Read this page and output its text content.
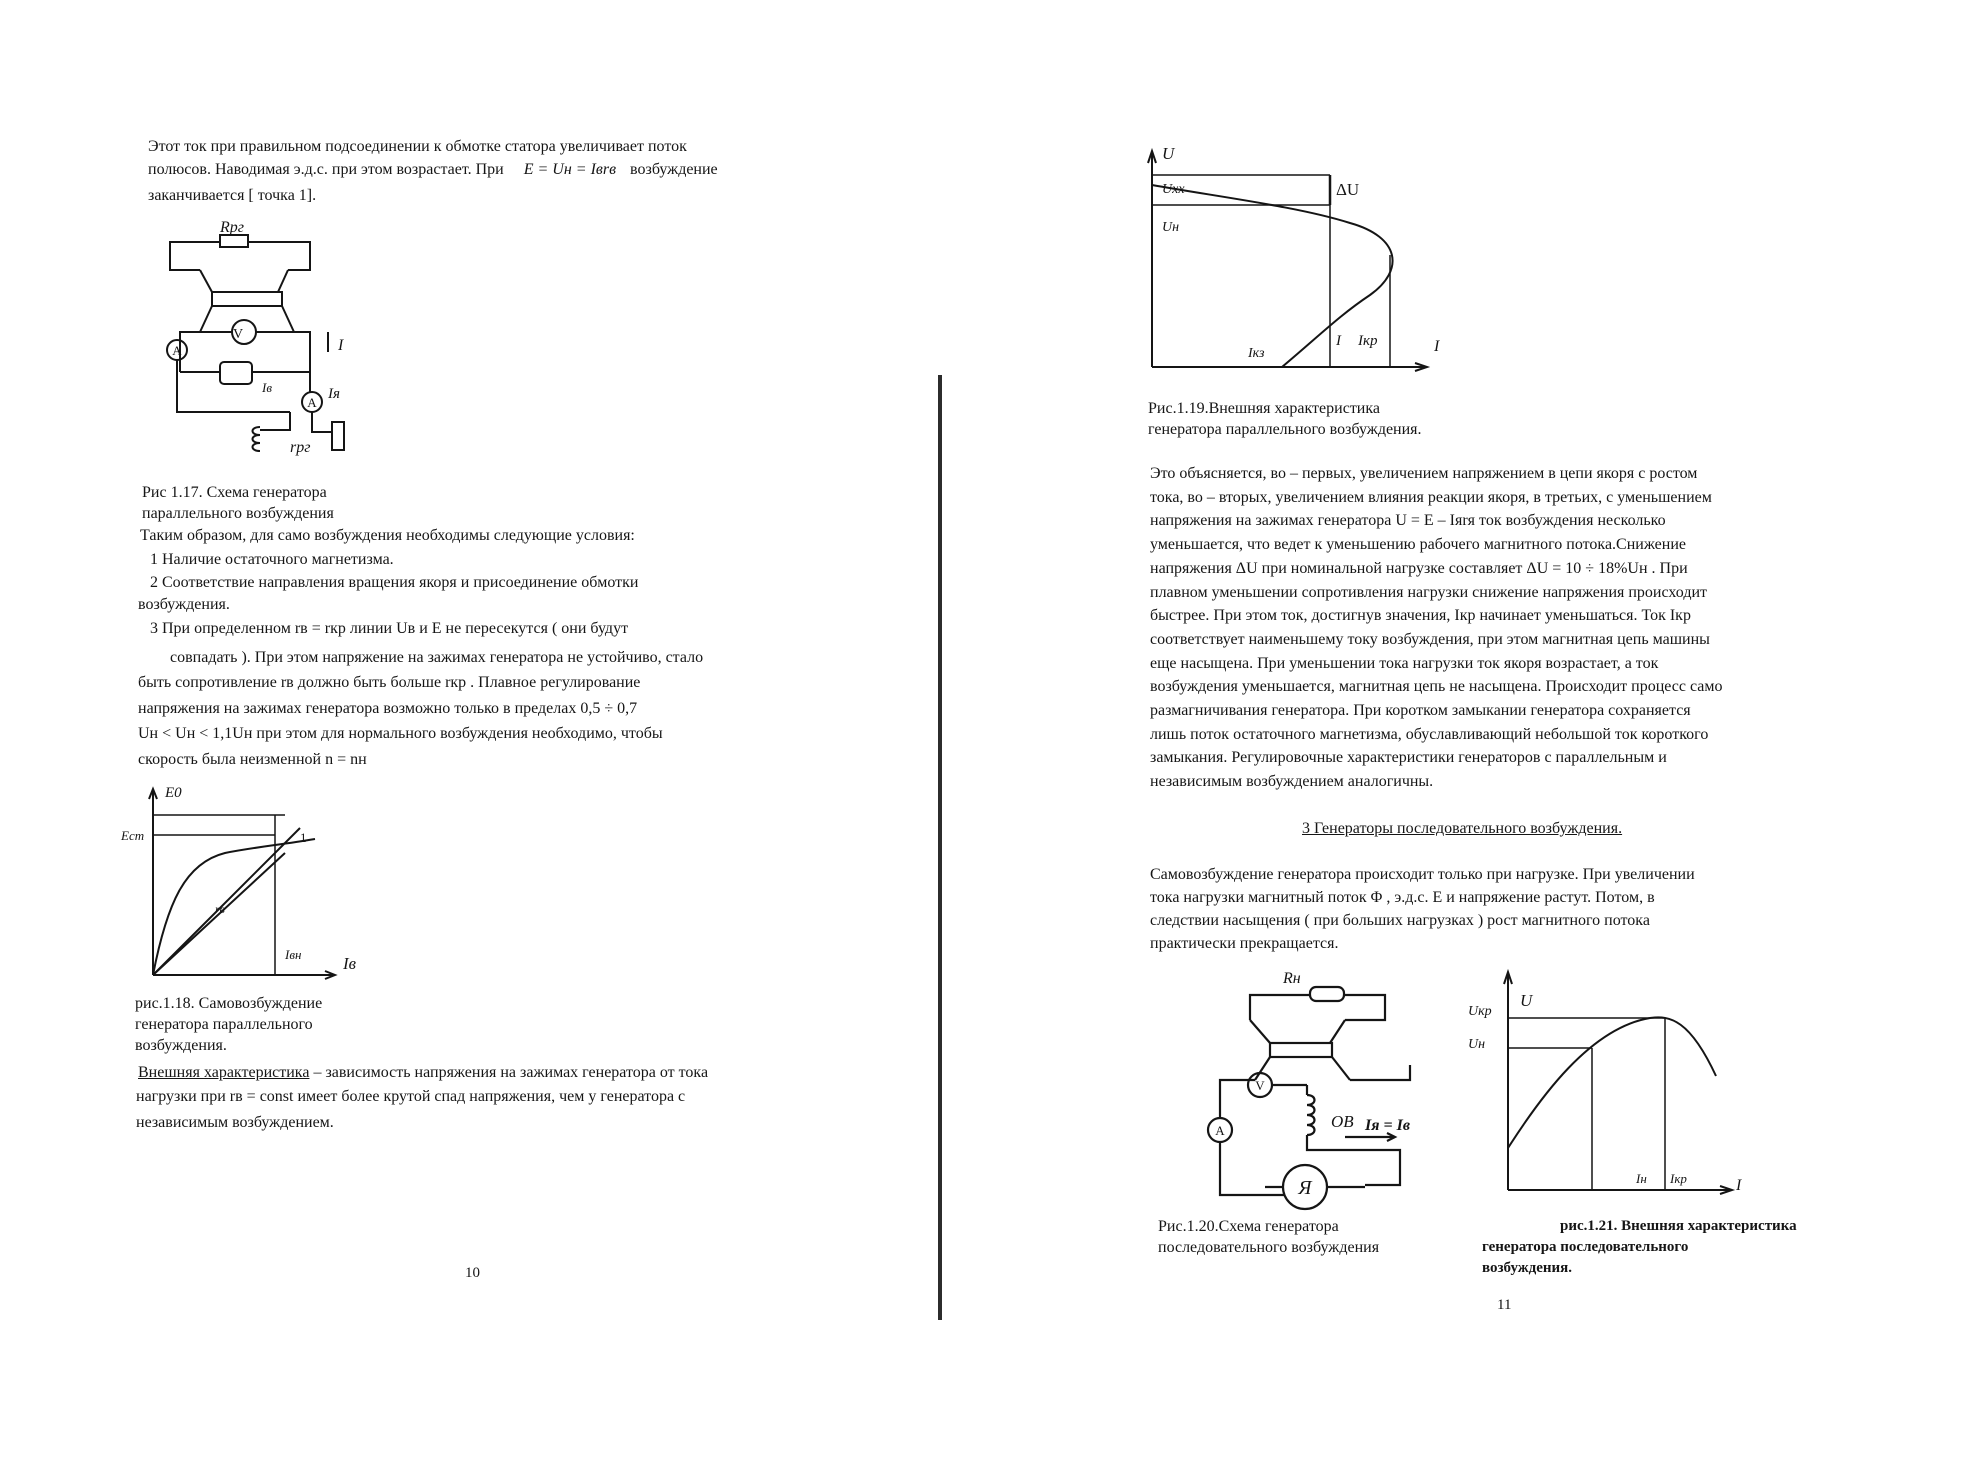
Этот ток при правильном подсоединении к обмотке статора увеличивает поток
полюсов. Наводимая э.д.с. при этом возрастает. При E = Uн = Iвrв возбуждение
заканчивается [ точка 1].
Rрг
V
A
A
I
Iя
Iв
rрг
Рис 1.17. Схема генератора
параллельного возбуждения
Таким образом, для само возбуждения необходимы следующие условия:
1 Наличие остаточного магнетизма.
2 Соответствие направления вращения якоря и присоединение обмотки
возбуждения.
3 При определенном rв = rкр линии Uв и E не пересекутся ( они будут
совпадать ). При этом напряжение на зажимах генератора не устойчиво, стало
быть сопротивление rв должно быть больше rкр . Плавное регулирование
напряжения на зажимах генератора возможно только в пределах 0,5 ÷ 0,7
Uн < Uн < 1,1Uн при этом для нормального возбуждения необходимо, чтобы
скорость была неизменной n = nн
E0
Eсm	1
rв
Iвн Iв
рис.1.18. Самовозбуждение
генератора параллельного
возбуждения.
Внешняя характеристика – зависимость напряжения на зажимах генератора от тока
нагрузки при rв = const имеет более крутой спад напряжения, чем у генератора с
независимым возбуждением.
10
U
Uхх
Uн
ΔU
Iкз
I Iкр	I
Рис.1.19.Внешняя характеристика
генератора параллельного возбуждения.
Это объясняется, во – первых, увеличением напряжением в цепи якоря с ростом
тока, во – вторых, увеличением влияния реакции якоря, в третьих, с уменьшением
напряжения на зажимах генератора U = E – Iяrя ток возбуждения несколько
уменьшается, что ведет к уменьшению рабочего магнитного потока.Снижение
напряжения ΔU при номинальной нагрузке составляет ΔU = 10 ÷ 18%Uн . При
плавном уменьшении сопротивления нагрузки снижение напряжения происходит
быстрее. При этом ток, достигнув значения, Iкр начинает уменьшаться. Ток Iкр
соответствует наименьшему току возбуждения, при этом магнитная цепь машины
еще насыщена. При уменьшении тока нагрузки ток якоря возрастает, а ток
возбуждения уменьшается, магнитная цепь не насыщена. Происходит процесс само
размагничивания генератора. При коротком замыкании генератора сохраняется
лишь поток остаточного магнетизма, обуславливающий небольшой ток короткого
замыкания. Регулировочные характеристики генераторов с параллельным и
независимым возбуждением аналогичны.
3 Генераторы последовательного возбуждения.
Самовозбуждение генератора происходит только при нагрузке. При увеличении
тока нагрузки магнитный поток Φ , э.д.с. E и напряжение растут. Потом, в
следствии насыщения ( при больших нагрузках ) рост магнитного потока
практически прекращается.
Rн
V
A	ОВ Iя = Iв
Я
Рис.1.20.Схема генератора
последовательного возбуждения
U
Uкр
Uн
Iн Iкр	I
рис.1.21. Внешняя характеристика
генератора последовательного
возбуждения.
11
